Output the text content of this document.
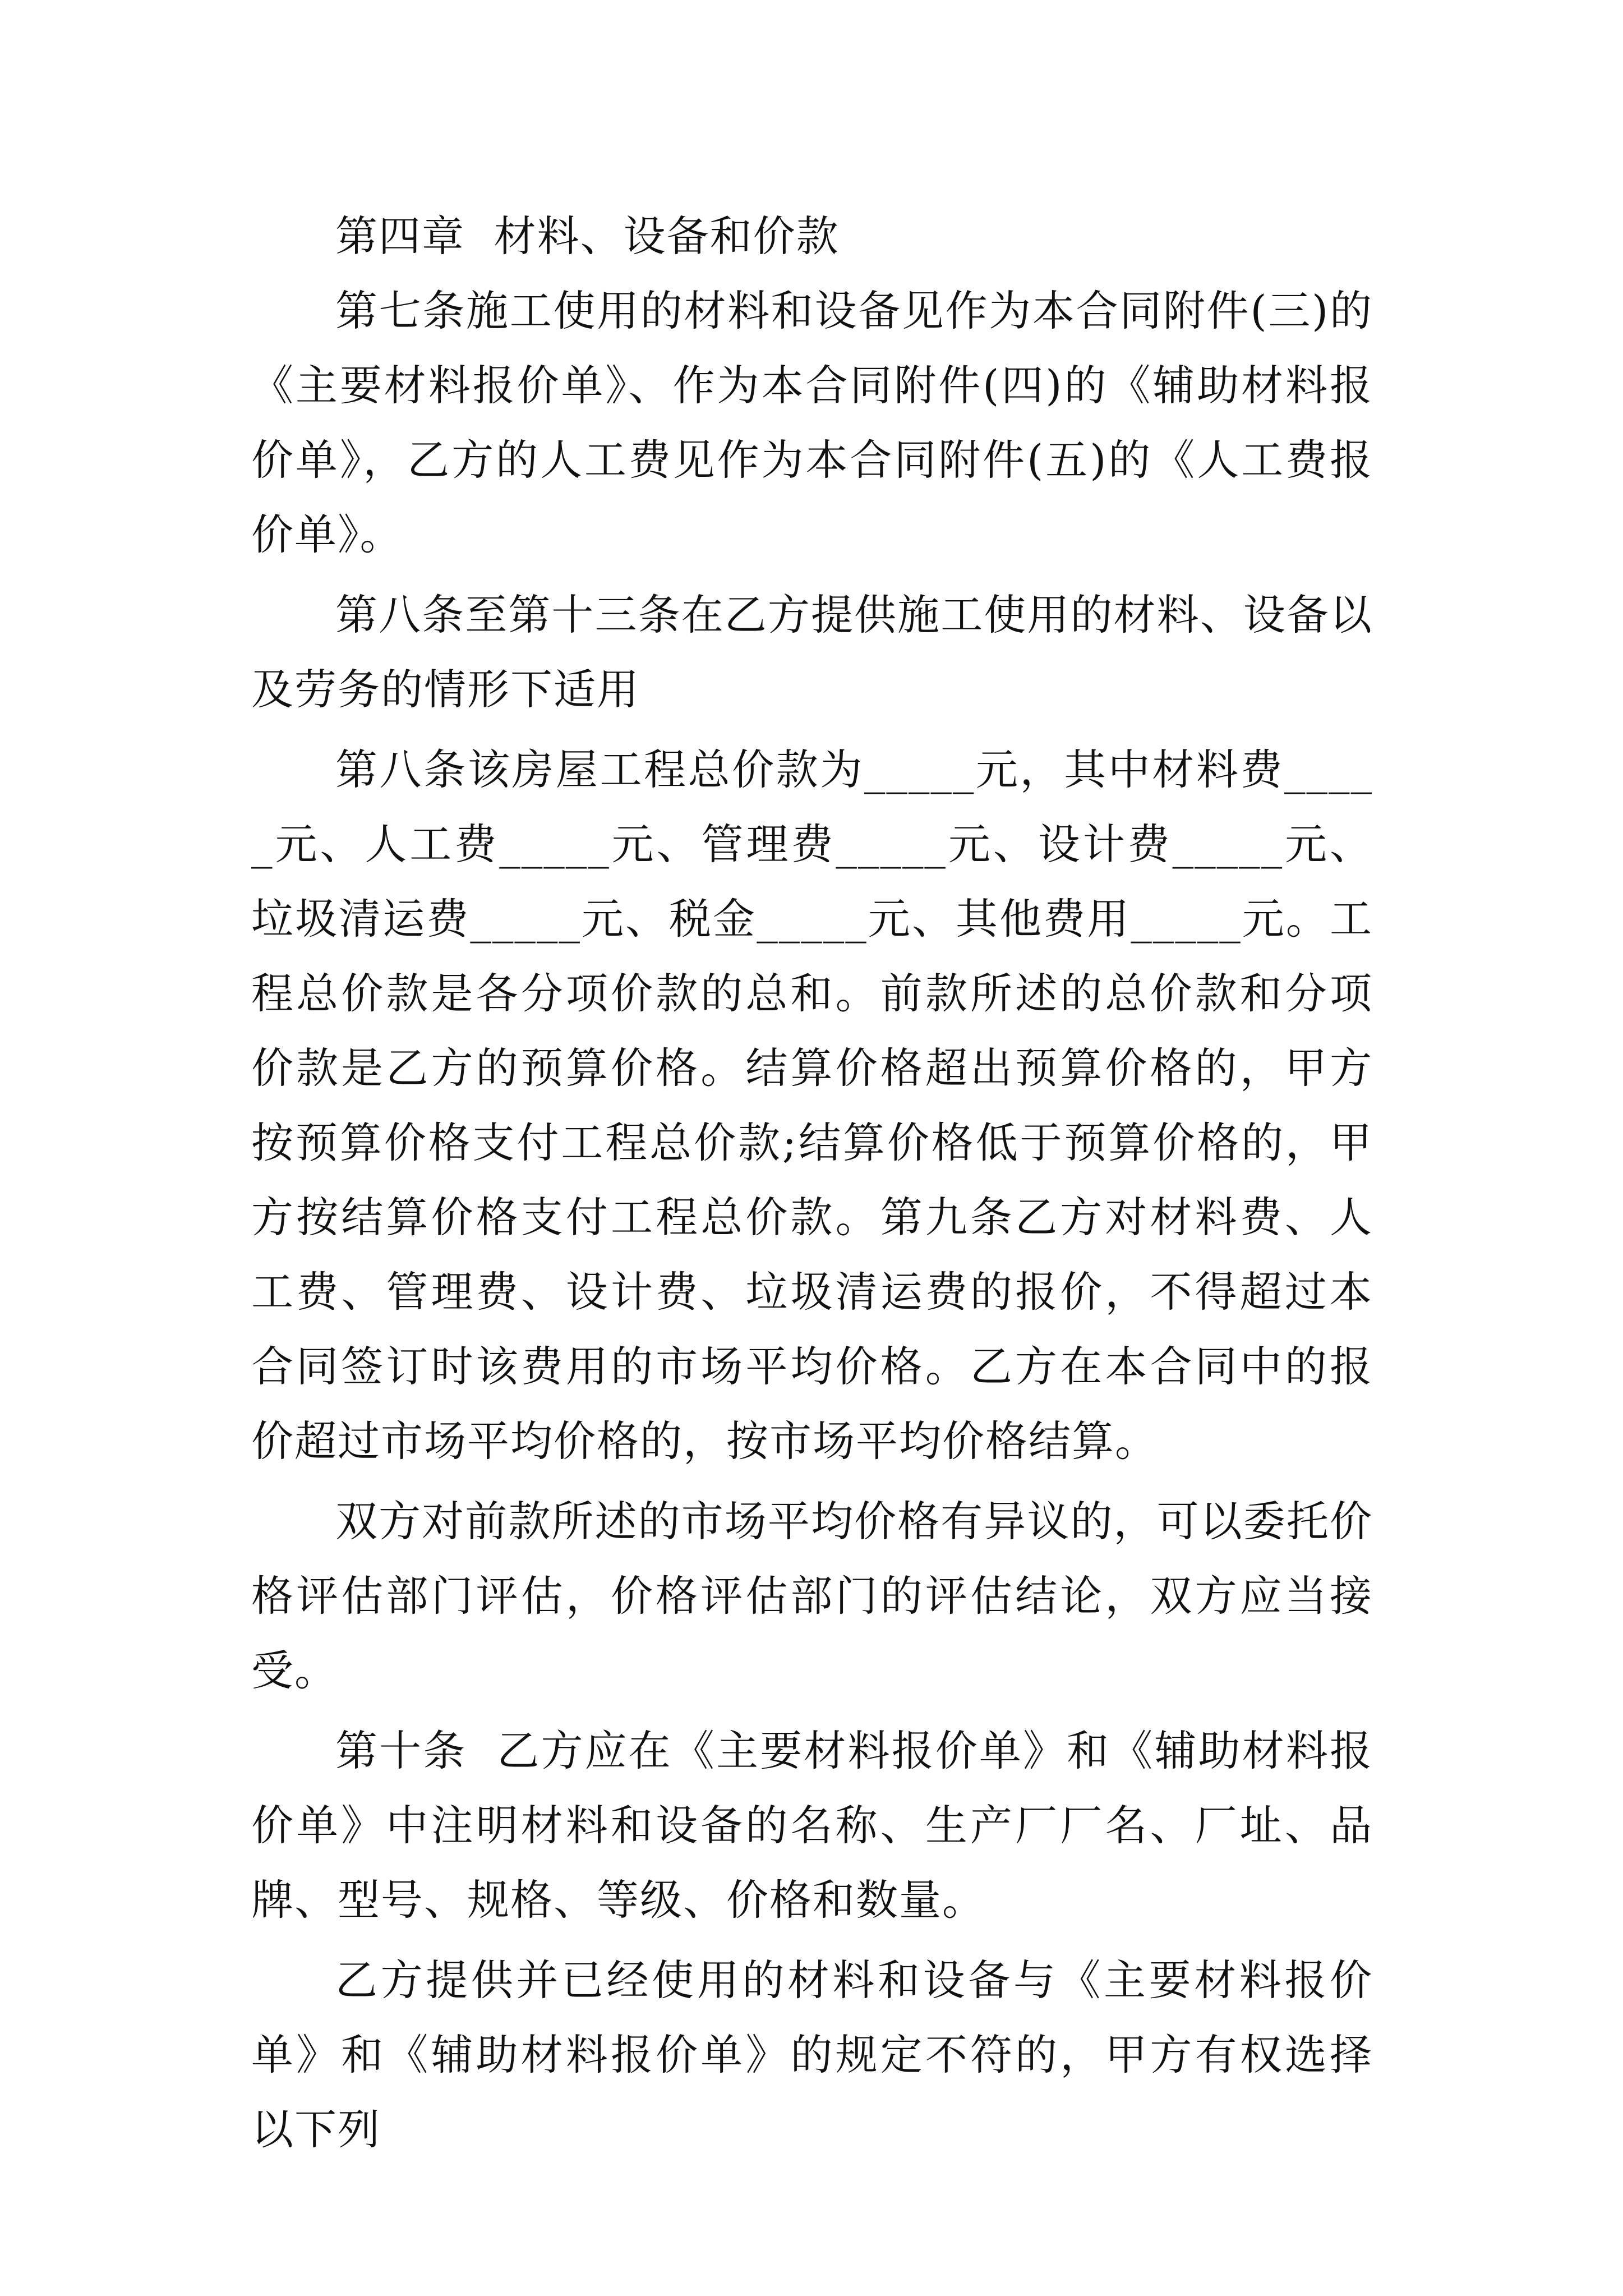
第四章  材料、设备和价款

第七条施工使用的材料和设备见作为本合同附件(三)的《主要材料报价单》、作为本合同附件(四)的《辅助材料报价单》，乙方的人工费见作为本合同附件(五)的《人工费报价单》。

第八条至第十三条在乙方提供施工使用的材料、设备以及劳务的情形下适用

第八条该房屋工程总价款为_____元，其中材料费_____元、人工费_____元、管理费_____元、设计费_____元、垃圾清运费_____元、税金_____元、其他费用_____元。工程总价款是各分项价款的总和。前款所述的总价款和分项价款是乙方的预算价格。结算价格超出预算价格的，甲方按预算价格支付工程总价款;结算价格低于预算价格的，甲方按结算价格支付工程总价款。第九条乙方对材料费、人工费、管理费、设计费、垃圾清运费的报价，不得超过本合同签订时该费用的市场平均价格。乙方在本合同中的报价超过市场平均价格的，按市场平均价格结算。

双方对前款所述的市场平均价格有异议的，可以委托价格评估部门评估，价格评估部门的评估结论，双方应当接受。

第十条  乙方应在《主要材料报价单》和《辅助材料报价单》中注明材料和设备的名称、生产厂厂名、厂址、品牌、型号、规格、等级、价格和数量。

乙方提供并已经使用的材料和设备与《主要材料报价单》和《辅助材料报价单》的规定不符的，甲方有权选择以下列
